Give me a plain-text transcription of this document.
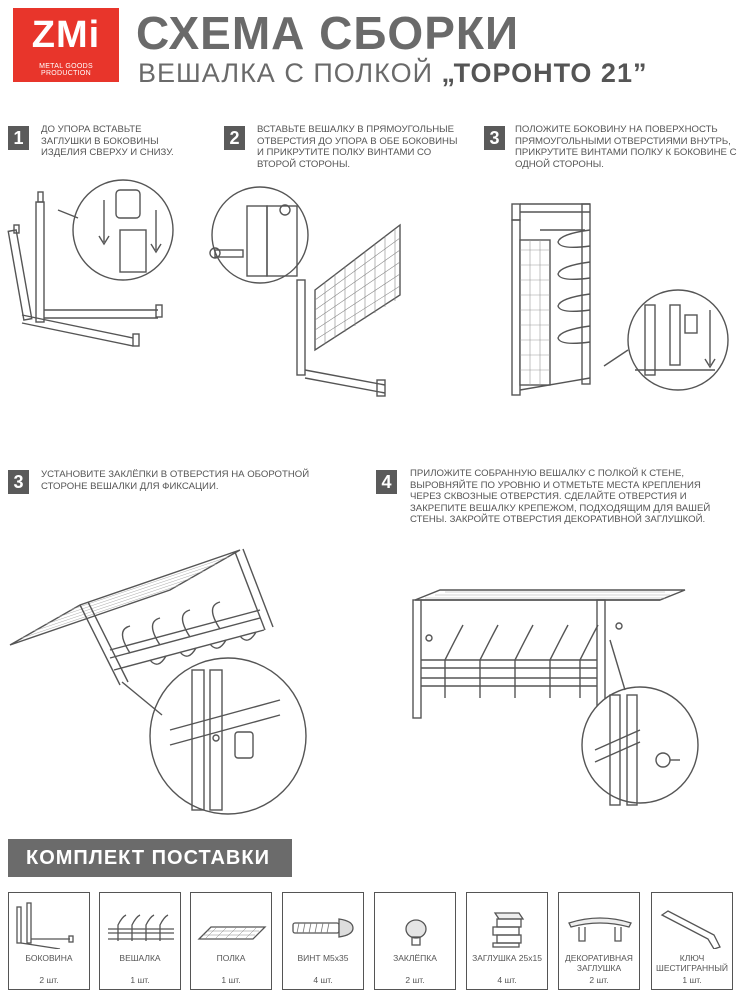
ZMi
METAL GOODS PRODUCTION
СХЕМА СБОРКИ
ВЕШАЛКА С ПОЛКОЙ „ТОРОНТО 21”
1	ДО УПОРА ВСТАВЬТЕ ЗАГЛУШКИ В БОКОВИНЫ ИЗДЕЛИЯ СВЕРХУ И СНИЗУ.
2	ВСТАВЬТЕ ВЕШАЛКУ В ПРЯМОУГОЛЬНЫЕ ОТВЕРСТИЯ ДО УПОРА В ОБЕ БОКОВИНЫ И ПРИКРУТИТЕ ПОЛКУ ВИНТАМИ СО ВТОРОЙ СТОРОНЫ.
3	ПОЛОЖИТЕ БОКОВИНУ НА ПОВЕРХНОСТЬ ПРЯМОУГОЛЬНЫМИ ОТВЕРСТИЯМИ ВНУТРЬ, ПРИКРУТИТЕ ВИНТАМИ ПОЛКУ К БОКОВИНЕ С ОДНОЙ СТОРОНЫ.
3	УСТАНОВИТЕ ЗАКЛЁПКИ В ОТВЕРСТИЯ НА ОБОРОТНОЙ СТОРОНЕ ВЕШАЛКИ ДЛЯ ФИКСАЦИИ.	4	ПРИЛОЖИТЕ СОБРАННУЮ ВЕШАЛКУ С ПОЛКОЙ К СТЕНЕ, ВЫРОВНЯЙТЕ ПО УРОВНЮ И ОТМЕТЬТЕ МЕСТА КРЕПЛЕНИЯ ЧЕРЕЗ СКВОЗНЫЕ ОТВЕРСТИЯ. СДЕЛАЙТЕ ОТВЕРСТИЯ И ЗАКРЕПИТЕ ВЕШАЛКУ КРЕПЕЖОМ, ПОДХОДЯЩИМ ДЛЯ ВАШЕЙ СТЕНЫ. ЗАКРОЙТЕ ОТВЕРСТИЯ ДЕКОРАТИВНОЙ ЗАГЛУШКОЙ.
КОМПЛЕКТ ПОСТАВКИ
БОКОВИНА
2 шт.
ВЕШАЛКА
1 шт.
ПОЛКА
1 шт.
ВИНТ М5х35
4 шт.
ЗАКЛЁПКА
2 шт.
ЗАГЛУШКА 25х15
4 шт.
ДЕКОРАТИВНАЯ ЗАГЛУШКА
2 шт.
КЛЮЧ ШЕСТИГРАННЫЙ
1 шт.
